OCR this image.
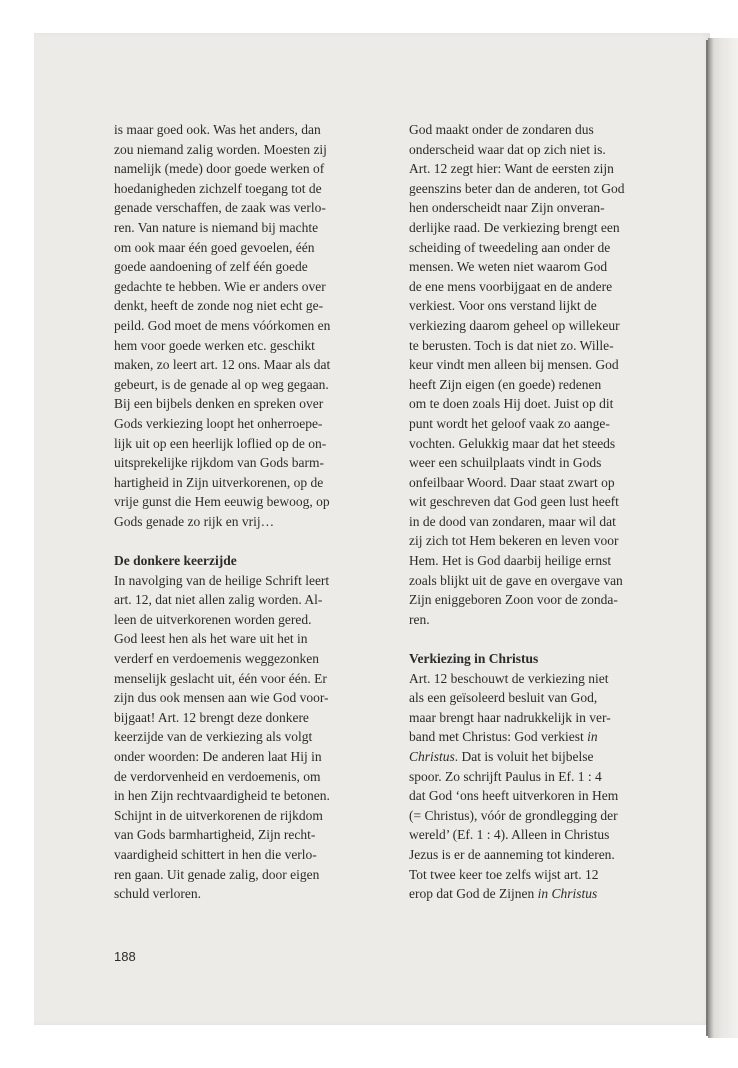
is maar goed ook. Was het anders, dan
zou niemand zalig worden. Moesten zij
namelijk (mede) door goede werken of
hoedanigheden zichzelf toegang tot de
genade verschaffen, de zaak was verlo-
ren. Van nature is niemand bij machte
om ook maar één goed gevoelen, één
goede aandoening of zelf één goede
gedachte te hebben. Wie er anders over
denkt, heeft de zonde nog niet echt ge-
peild. God moet de mens vóórkomen en
hem voor goede werken etc. geschikt
maken, zo leert art. 12 ons. Maar als dat
gebeurt, is de genade al op weg gegaan.
Bij een bijbels denken en spreken over
Gods verkiezing loopt het onherroepe-
lijk uit op een heerlijk loflied op de on-
uitsprekelijke rijkdom van Gods barm-
hartigheid in Zijn uitverkorenen, op de
vrije gunst die Hem eeuwig bewoog, op
Gods genade zo rijk en vrij…
De donkere keerzijde
In navolging van de heilige Schrift leert
art. 12, dat niet allen zalig worden. Al-
leen de uitverkorenen worden gered.
God leest hen als het ware uit het in
verderf en verdoemenis weggezonken
menselijk geslacht uit, één voor één. Er
zijn dus ook mensen aan wie God voor-
bijgaat! Art. 12 brengt deze donkere
keerzijde van de verkiezing als volgt
onder woorden: De anderen laat Hij in
de verdorvenheid en verdoemenis, om
in hen Zijn rechtvaardigheid te betonen.
Schijnt in de uitverkorenen de rijkdom
van Gods barmhartigheid, Zijn recht-
vaardigheid schittert in hen die verlo-
ren gaan. Uit genade zalig, door eigen
schuld verloren.
God maakt onder de zondaren dus
onderscheid waar dat op zich niet is.
Art. 12 zegt hier: Want de eersten zijn
geenszins beter dan de anderen, tot God
hen onderscheidt naar Zijn onveran-
derlijke raad. De verkiezing brengt een
scheiding of tweedeling aan onder de
mensen. We weten niet waarom God
de ene mens voorbijgaat en de andere
verkiest. Voor ons verstand lijkt de
verkiezing daarom geheel op willekeur
te berusten. Toch is dat niet zo. Wille-
keur vindt men alleen bij mensen. God
heeft Zijn eigen (en goede) redenen
om te doen zoals Hij doet. Juist op dit
punt wordt het geloof vaak zo aange-
vochten. Gelukkig maar dat het steeds
weer een schuilplaats vindt in Gods
onfeilbaar Woord. Daar staat zwart op
wit geschreven dat God geen lust heeft
in de dood van zondaren, maar wil dat
zij zich tot Hem bekeren en leven voor
Hem. Het is God daarbij heilige ernst
zoals blijkt uit de gave en overgave van
Zijn eniggeboren Zoon voor de zonda-
ren.
Verkiezing in Christus
Art. 12 beschouwt de verkiezing niet
als een geïsoleerd besluit van God,
maar brengt haar nadrukkelijk in ver-
band met Christus: God verkiest in
Christus. Dat is voluit het bijbelse
spoor. Zo schrijft Paulus in Ef. 1 : 4
dat God ‘ons heeft uitverkoren in Hem
(= Christus), vóór de grondlegging der
wereld’ (Ef. 1 : 4). Alleen in Christus
Jezus is er de aanneming tot kinderen.
Tot twee keer toe zelfs wijst art. 12
erop dat God de Zijnen in Christus
188
